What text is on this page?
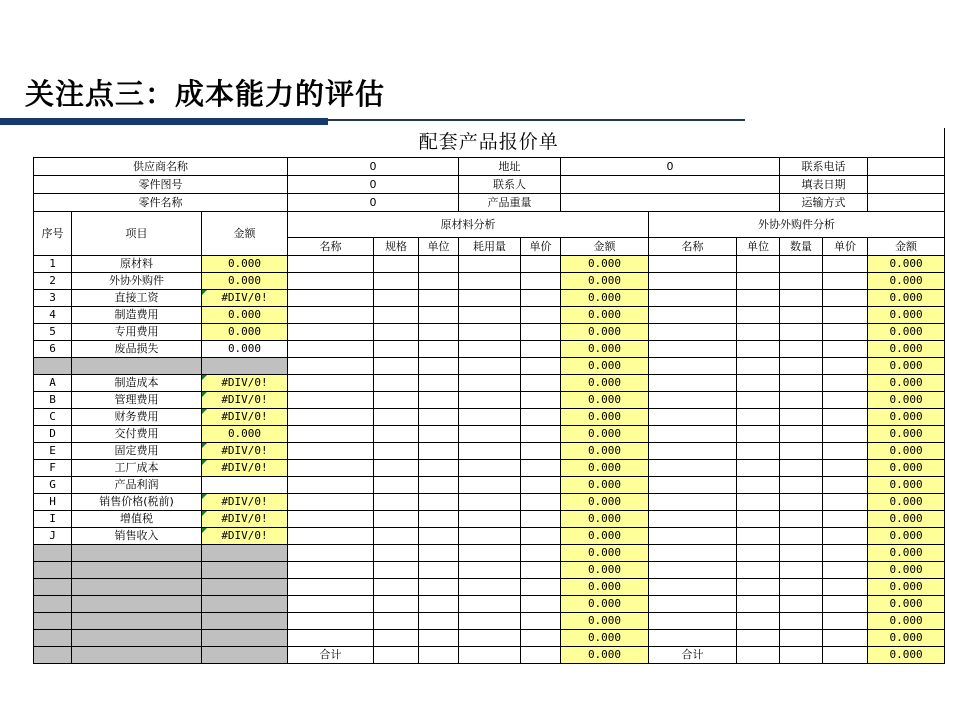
关注点三：成本能力的评估
配套产品报价单													
供应商名称			0			地址		0			联系电话		
零件图号			0			联系人					填表日期		
零件名称			0			产品重量					运输方式		
序号	项目	金额	原材料分析						外协外购件分析				
			名称	规格	单位	耗用量	单价	金额	名称	单位	数量	单价	金额
1	原材料	0.000						0.000					0.000
2	外协外购件	0.000						0.000					0.000
3	直接工资	#DIV/0!						0.000					0.000
4	制造费用	0.000						0.000					0.000
5	专用费用	0.000						0.000					0.000
6	废品损失	0.000						0.000					0.000
								0.000					0.000
A	制造成本	#DIV/0!						0.000					0.000
B	管理费用	#DIV/0!						0.000					0.000
C	财务费用	#DIV/0!						0.000					0.000
D	交付费用	0.000						0.000					0.000
E	固定费用	#DIV/0!						0.000					0.000
F	工厂成本	#DIV/0!						0.000					0.000
G	产品利润							0.000					0.000
H	销售价格(税前)	#DIV/0!						0.000					0.000
I	增值税	#DIV/0!						0.000					0.000
J	销售收入	#DIV/0!						0.000					0.000
								0.000					0.000
								0.000					0.000
								0.000					0.000
								0.000					0.000
								0.000					0.000
								0.000					0.000
			合计					0.000	合计				0.000
